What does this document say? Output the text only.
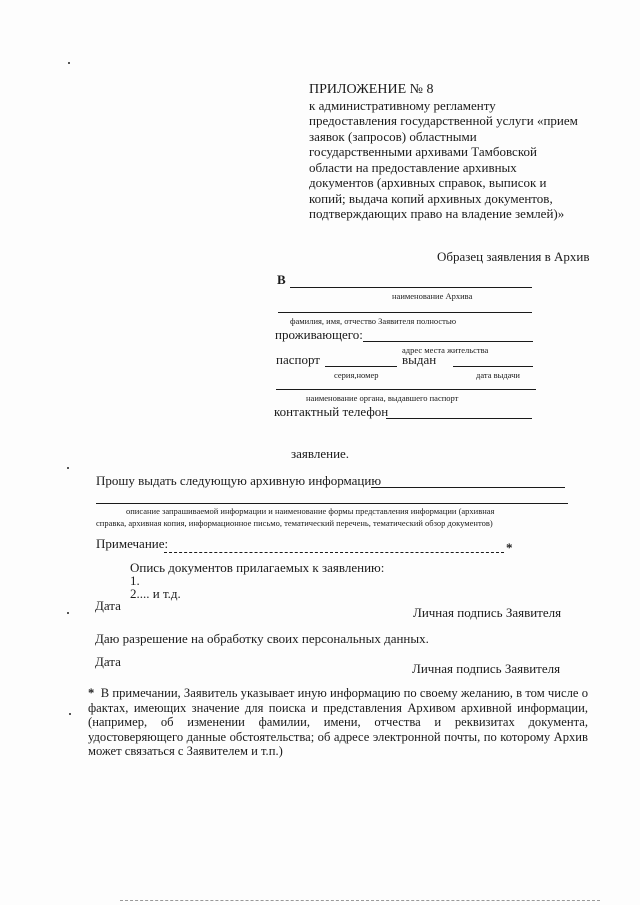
ПРИЛОЖЕНИЕ № 8
к административному регламенту
предоставления государственной услуги «прием
заявок (запросов) областными
государственными архивами Тамбовской
области на предоставление архивных
документов (архивных справок, выписок и
копий; выдача копий архивных документов,
подтверждающих право на владение землей)»
Образец заявления в Архив
В
наименование Архива
фамилия, имя, отчество Заявителя полностью
проживающего:
адрес места жительства
паспорт	выдан
серия,номер	дата выдачи
наименование органа, выдавшего паспорт
контактный телефон
заявление.
Прошу выдать следующую архивную информацию
описание запрашиваемой информации и наименование формы представления информации (архивная
справка, архивная копия, информационное письмо, тематический перечень, тематический обзор документов)
Примечание:	*
Опись документов прилагаемых к заявлению:
1.
2.... и т.д.
Дата	Личная подпись Заявителя
Даю разрешение на обработку своих персональных данных.
Дата	Личная подпись Заявителя
* В примечании, Заявитель указывает иную информацию по своему желанию, в том числе о фактах, имеющих значение для поиска и представления Архивом архивной информации, (например, об изменении фамилии, имени, отчества и реквизитах документа, удостоверяющего данные обстоятельства; об адресе электронной почты, по которому Архив может связаться с Заявителем и т.п.)
